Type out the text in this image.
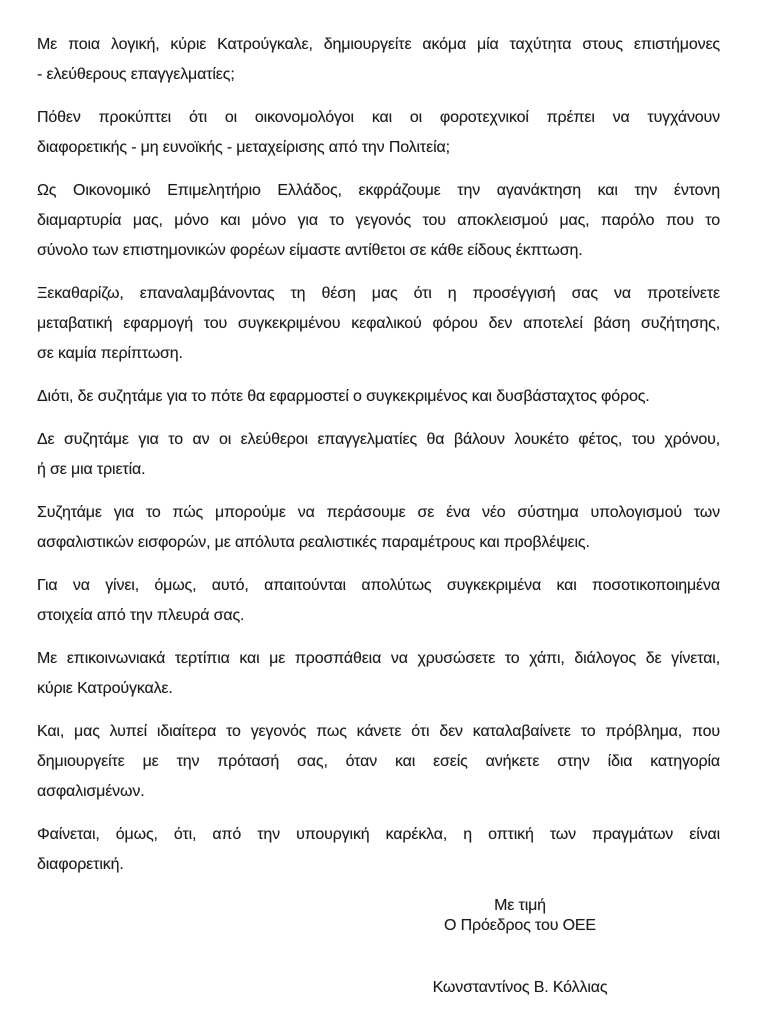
Με ποια λογική, κύριε Κατρούγκαλε, δημιουργείτε ακόμα μία ταχύτητα στους επιστήμονες
- ελεύθερους επαγγελματίες;
Πόθεν προκύπτει ότι οι οικονομολόγοι και οι φοροτεχνικοί πρέπει να τυγχάνουν
διαφορετικής - μη ευνοϊκής - μεταχείρισης από την Πολιτεία;
Ως Οικονομικό Επιμελητήριο Ελλάδος, εκφράζουμε την αγανάκτηση και την έντονη
διαμαρτυρία μας, μόνο και μόνο για το γεγονός του αποκλεισμού μας, παρόλο που το
σύνολο των επιστημονικών φορέων είμαστε αντίθετοι σε κάθε είδους έκπτωση.
Ξεκαθαρίζω, επαναλαμβάνοντας τη θέση μας ότι η προσέγγισή σας να προτείνετε
μεταβατική εφαρμογή του συγκεκριμένου κεφαλικού φόρου δεν αποτελεί βάση συζήτησης,
σε καμία περίπτωση.
Διότι, δε συζητάμε για το πότε θα εφαρμοστεί ο συγκεκριμένος και δυσβάσταχτος φόρος.
Δε συζητάμε για το αν οι ελεύθεροι επαγγελματίες θα βάλουν λουκέτο φέτος, του χρόνου,
ή σε μια τριετία.
Συζητάμε για το πώς μπορούμε να περάσουμε σε ένα νέο σύστημα υπολογισμού των
ασφαλιστικών εισφορών, με απόλυτα ρεαλιστικές παραμέτρους και προβλέψεις.
Για να γίνει, όμως, αυτό, απαιτούνται απολύτως συγκεκριμένα και ποσοτικοποιημένα
στοιχεία από την πλευρά σας.
Με επικοινωνιακά τερτίπια και με προσπάθεια να χρυσώσετε το χάπι, διάλογος δε γίνεται,
κύριε Κατρούγκαλε.
Και, μας λυπεί ιδιαίτερα το γεγονός πως κάνετε ότι δεν καταλαβαίνετε το πρόβλημα, που
δημιουργείτε με την πρότασή σας, όταν και εσείς ανήκετε στην ίδια κατηγορία
ασφαλισμένων.
Φαίνεται, όμως, ότι, από την υπουργική καρέκλα, η οπτική των πραγμάτων είναι
διαφορετική.
Με τιμή
Ο Πρόεδρος του ΟΕΕ
Κωνσταντίνος Β. Κόλλιας
